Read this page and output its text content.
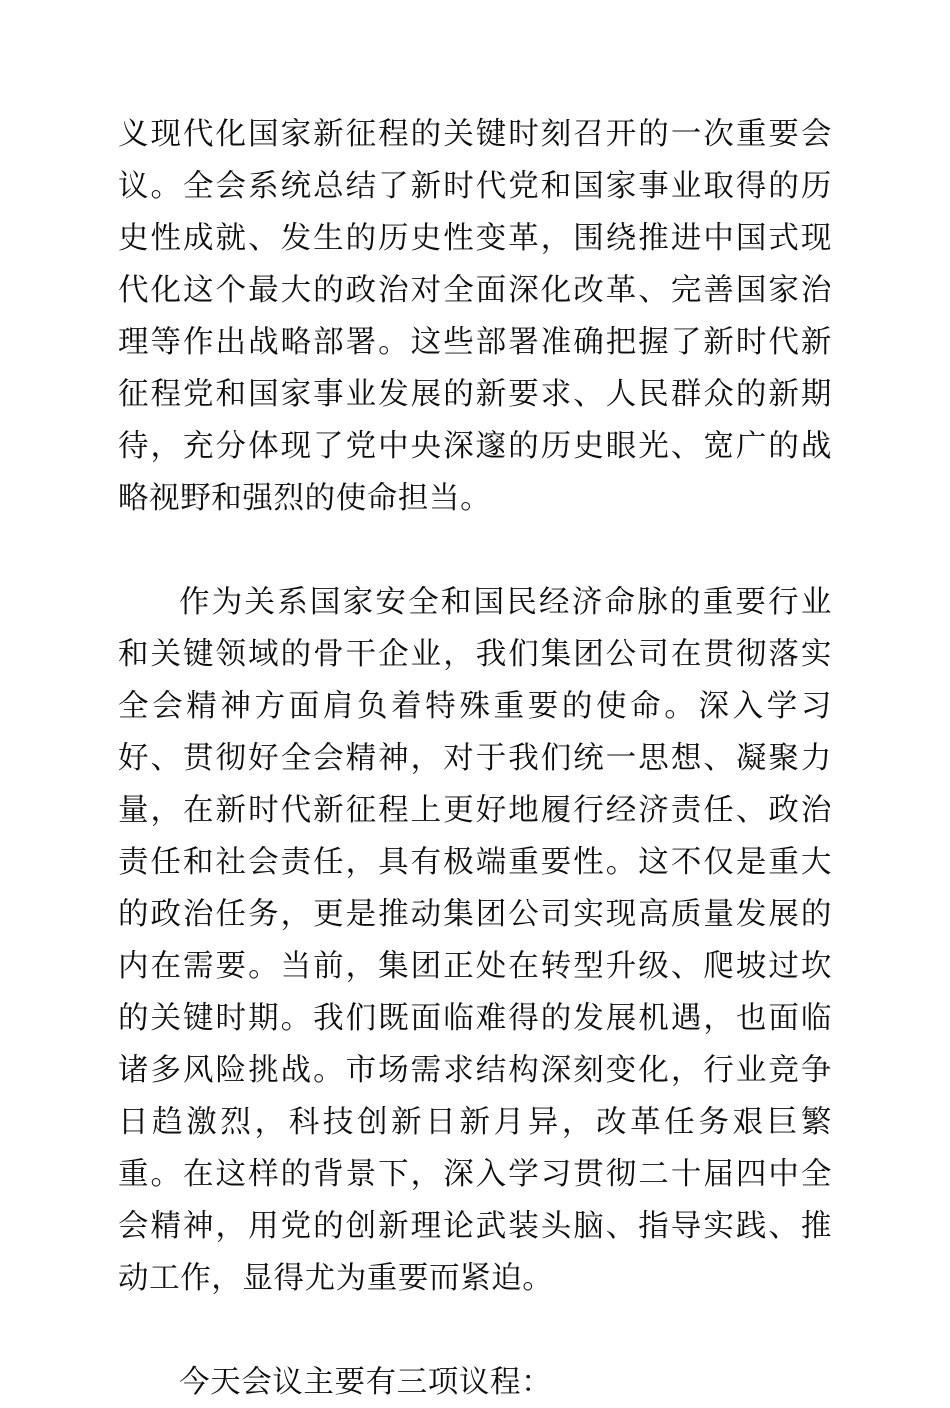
义现代化国家新征程的关键时刻召开的一次重要会议。全会系统总结了新时代党和国家事业取得的历史性成就、发生的历史性变革，围绕推进中国式现代化这个最大的政治对全面深化改革、完善国家治理等作出战略部署。这些部署准确把握了新时代新征程党和国家事业发展的新要求、人民群众的新期待，充分体现了党中央深邃的历史眼光、宽广的战略视野和强烈的使命担当。

作为关系国家安全和国民经济命脉的重要行业和关键领域的骨干企业，我们集团公司在贯彻落实全会精神方面肩负着特殊重要的使命。深入学习好、贯彻好全会精神，对于我们统一思想、凝聚力量，在新时代新征程上更好地履行经济责任、政治责任和社会责任，具有极端重要性。这不仅是重大的政治任务，更是推动集团公司实现高质量发展的内在需要。当前，集团正处在转型升级、爬坡过坎的关键时期。我们既面临难得的发展机遇，也面临诸多风险挑战。市场需求结构深刻变化，行业竞争日趋激烈，科技创新日新月异，改革任务艰巨繁重。在这样的背景下，深入学习贯彻二十届四中全会精神，用党的创新理论武装头脑、指导实践、推动工作，显得尤为重要而紧迫。

今天会议主要有三项议程：
